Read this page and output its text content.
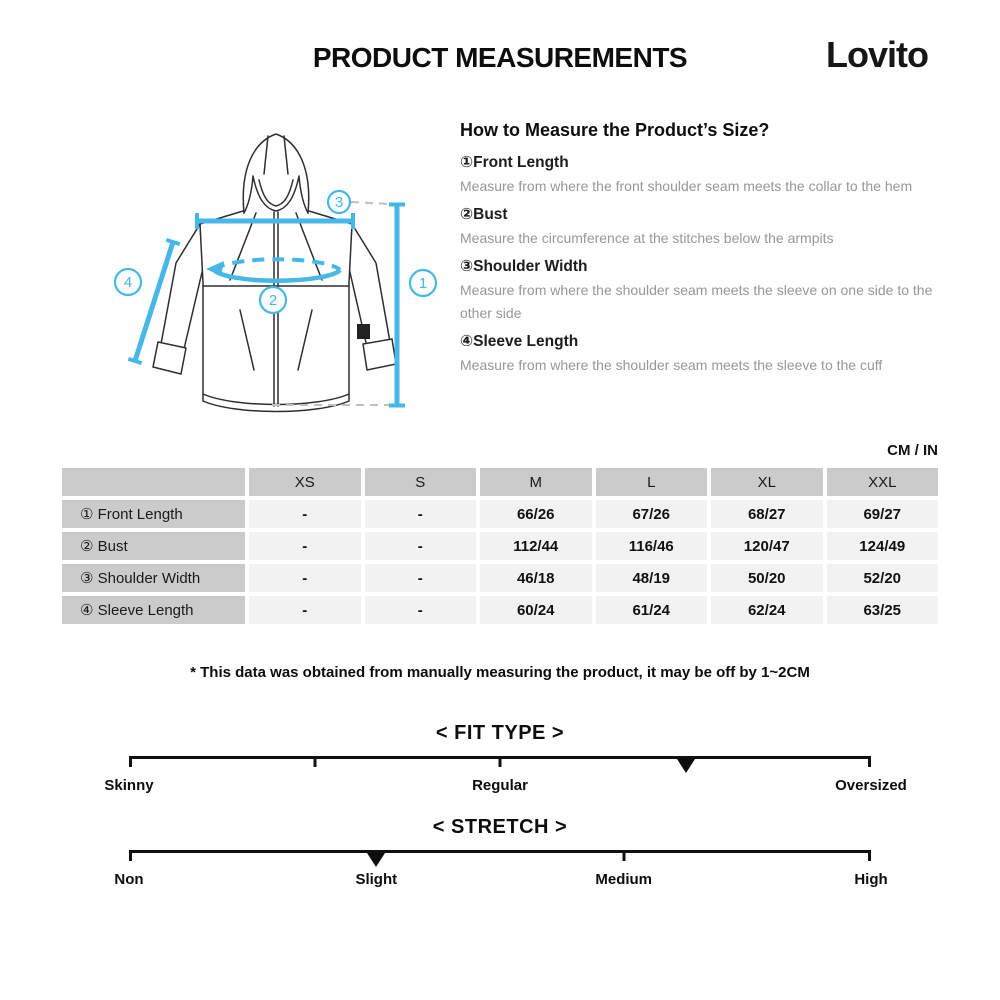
PRODUCT MEASUREMENTS	Lovito
1
2
3
4
How to Measure the Product’s Size?
①Front Length
Measure from where the front shoulder seam meets the collar to the hem
②Bust
Measure the circumference at the stitches below the armpits
③Shoulder Width
Measure from where the shoulder seam meets the sleeve on one side to the other side
④Sleeve Length
Measure from where the shoulder seam meets the sleeve to the cuff
CM / IN
	XS	S	M	L	XL	XXL
① Front Length	-	-	66/26	67/26	68/27	69/27
② Bust	-	-	112/44	116/46	120/47	124/49
③ Shoulder Width	-	-	46/18	48/19	50/20	52/20
④ Sleeve Length	-	-	60/24	61/24	62/24	63/25
* This data was obtained from manually measuring the product, it may be off by 1~2CM
< FIT TYPE >
Skinny	Regular	Oversized
< STRETCH >
Non	Slight	Medium	High
